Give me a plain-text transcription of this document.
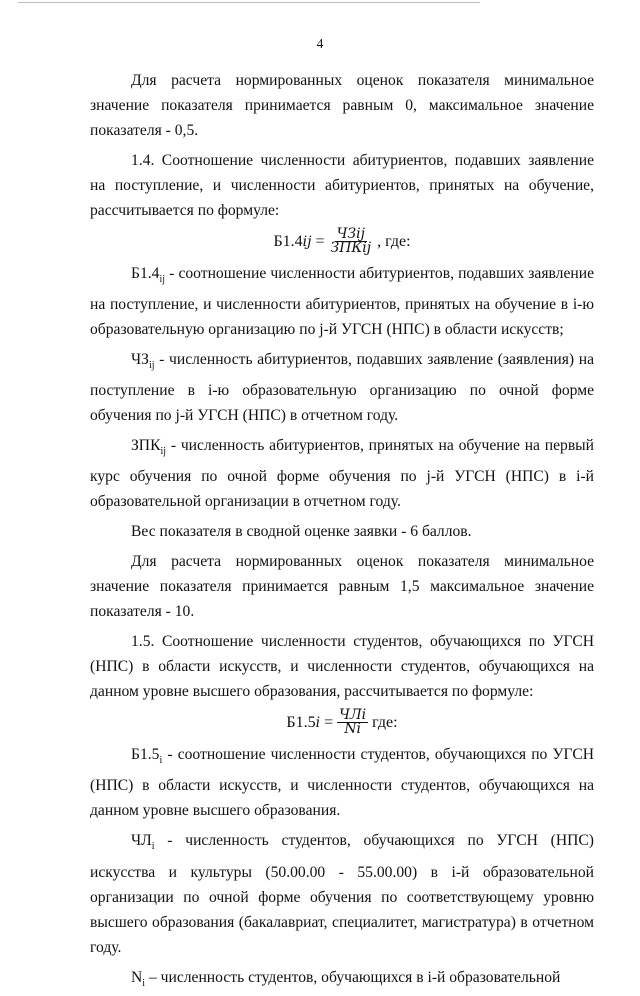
4

Для расчета нормированных оценок показателя минимальное значение показателя принимается равным 0, максимальное значение показателя - 0,5.

1.4. Соотношение численности абитуриентов, подавших заявление на поступление, и численности абитуриентов, принятых на обучение, рассчитывается по формуле:

$Б1.4ij = \frac{\text{ЧЗij}}{\text{ЗПКij}}$ , где:

$Б1.4_{ij}$ - соотношение численности абитуриентов, подавших заявление на поступление, и численности абитуриентов, принятых на обучение в i-ю образовательную организацию по j-й УГСН (НПС) в области искусств;

$ЧЗ_{ij}$ - численность абитуриентов, подавших заявление (заявления) на поступление в i-ю образовательную организацию по очной форме обучения по j-й УГСН (НПС) в отчетном году.

$ЗПК_{ij}$ - численность абитуриентов, принятых на обучение на первый курс обучения по очной форме обучения по j-й УГСН (НПС) в i-й образовательной организации в отчетном году.

Вес показателя в сводной оценке заявки - 6 баллов.

Для расчета нормированных оценок показателя минимальное значение показателя принимается равным 1,5 максимальное значение показателя - 10.

1.5. Соотношение численности студентов, обучающихся по УГСН (НПС) в области искусств, и численности студентов, обучающихся на данном уровне высшего образования, рассчитывается по формуле:

$Б1.5i = \frac{\text{ЧЛi}}{Ni}$ где:

$Б1.5_i$ - соотношение численности студентов, обучающихся по УГСН (НПС) в области искусств, и численности студентов, обучающихся на данном уровне высшего образования.

$ЧЛ_i$ - численность студентов, обучающихся по УГСН (НПС) искусства и культуры (50.00.00 - 55.00.00) в i-й образовательной организации по очной форме обучения по соответствующему уровню высшего образования (бакалавриат, специалитет, магистратура) в отчетном году.

$N_i$ – численность студентов, обучающихся в i-й образовательной
